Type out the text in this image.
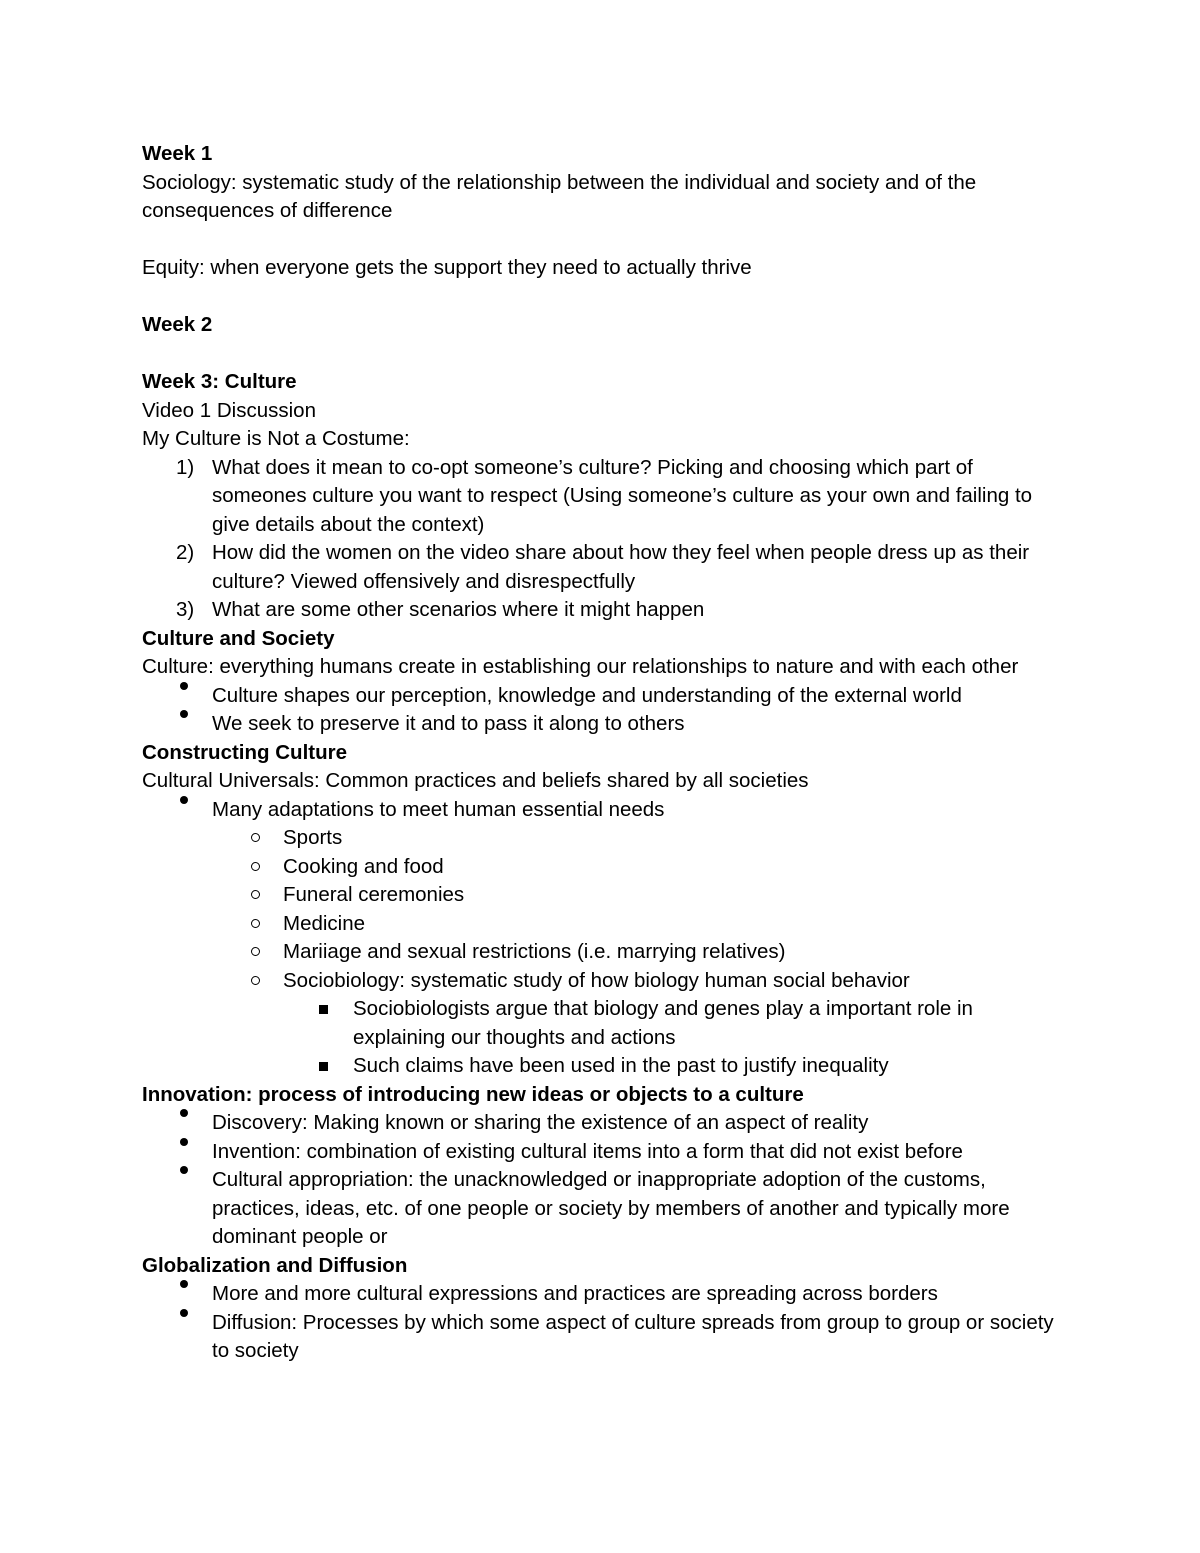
Week 1

Sociology: systematic study of the relationship between the individual and society and of the consequences of difference

Equity: when everyone gets the support they need to actually thrive

Week 2

Week 3: Culture

Video 1 Discussion

My Culture is Not a Costume:

1) What does it mean to co-opt someone’s culture? Picking and choosing which part of someones culture you want to respect (Using someone’s culture as your own and failing to give details about the context)
2) How did the women on the video share about how they feel when people dress up as their culture? Viewed offensively and disrespectfully
3) What are some other scenarios where it might happen

Culture and Society

Culture: everything humans create in establishing our relationships to nature and with each other

Culture shapes our perception, knowledge and understanding of the external world
We seek to preserve it and to pass it along to others

Constructing Culture

Cultural Universals: Common practices and beliefs shared by all societies

Many adaptations to meet human essential needs
Sports
Cooking and food
Funeral ceremonies
Medicine
Mariiage and sexual restrictions (i.e. marrying relatives)
Sociobiology: systematic study of how biology human social behavior
Sociobiologists argue that biology and genes play a important role in explaining our thoughts and actions
Such claims have been used in the past to justify inequality

Innovation: process of introducing new ideas or objects to a culture

Discovery: Making known or sharing the existence of an aspect of reality
Invention: combination of existing cultural items into a form that did not exist before
Cultural appropriation: the unacknowledged or inappropriate adoption of the customs, practices, ideas, etc. of one people or society by members of another and typically more dominant people or

Globalization and Diffusion

More and more cultural expressions and practices are spreading across borders
Diffusion: Processes by which some aspect of culture spreads from group to group or society to society
